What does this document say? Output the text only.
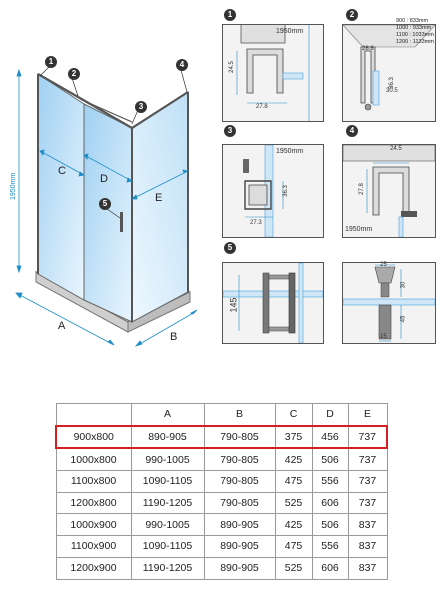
1950mm
A
B
C
D
E
1
2
3
4
5
1
1950mm
24.5
27.8
2
28.8
30.5
36.3
900 : 833mm
1000 : 933mm
1100 : 1033mm
1200 : 1133mm
3
1950mm
36.3
27.3
4
24.5
27.8
1950mm
5
145
25
30
45
15
	A	B	C	D	E
900x800	890-905	790-805	375	456	737
1000x800	990-1005	790-805	425	506	737
1100x800	1090-1105	790-805	475	556	737
1200x800	1190-1205	790-805	525	606	737
1000x900	990-1005	890-905	425	506	837
1100x900	1090-1105	890-905	475	556	837
1200x900	1190-1205	890-905	525	606	837
